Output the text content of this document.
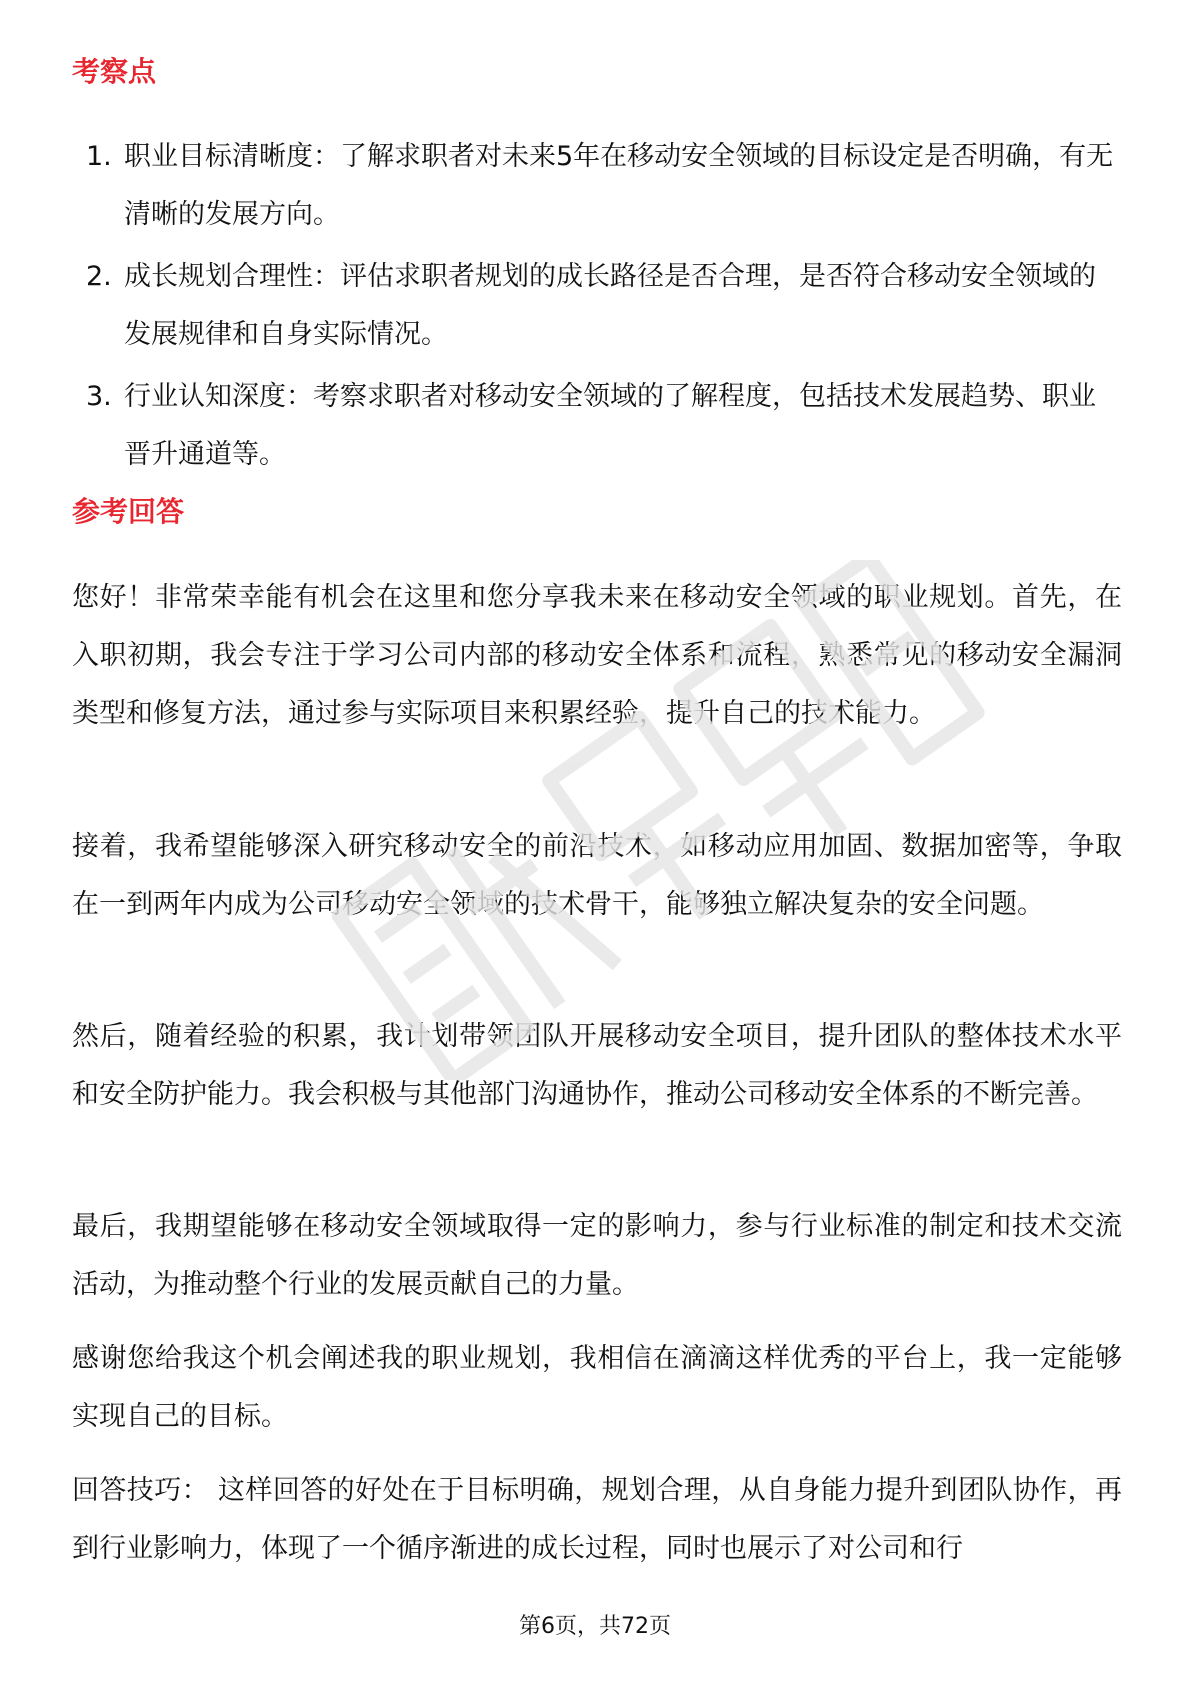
考察点
1. 职业目标清晰度：了解求职者对未来5年在移动安全领域的目标设定是否明确，有无清晰的发展方向。
2. 成长规划合理性：评估求职者规划的成长路径是否合理，是否符合移动安全领域的发展规律和自身实际情况。
3. 行业认知深度：考察求职者对移动安全领域的了解程度，包括技术发展趋势、职业晋升通道等。
参考回答

您好！非常荣幸能有机会在这里和您分享我未来在移动安全领域的职业规划。首先，在入职初期，我会专注于学习公司内部的移动安全体系和流程，熟悉常见的移动安全漏洞类型和修复方法，通过参与实际项目来积累经验，提升自己的技术能力。

接着，我希望能够深入研究移动安全的前沿技术，如移动应用加固、数据加密等，争取在一到两年内成为公司移动安全领域的技术骨干，能够独立解决复杂的安全问题。

然后，随着经验的积累，我计划带领团队开展移动安全项目，提升团队的整体技术水平和安全防护能力。我会积极与其他部门沟通协作，推动公司移动安全体系的不断完善。

最后，我期望能够在移动安全领域取得一定的影响力，参与行业标准的制定和技术交流活动，为推动整个行业的发展贡献自己的力量。

感谢您给我这个机会阐述我的职业规划，我相信在滴滴这样优秀的平台上，我一定能够实现自己的目标。

回答技巧： 这样回答的好处在于目标明确，规划合理，从自身能力提升到团队协作，再到行业影响力，体现了一个循序渐进的成长过程，同时也展示了对公司和行

第6页，共72页
